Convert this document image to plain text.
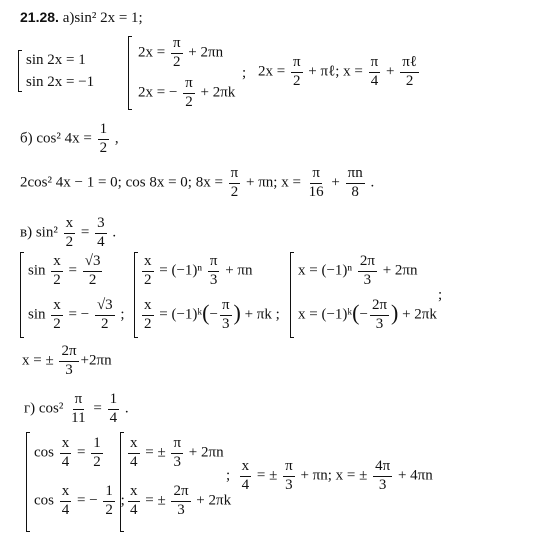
21.28. a)sin² 2x = 1;
sin 2x = 1
sin 2x = −1
$2x = \frac{\pi}{2} + 2\pi n$
2x = − $\frac{\pi}{2} + 2\pi k$
; $2x = \frac{\pi}{2}$ + πℓ; $x = \frac{\pi}{4} + \frac{\text{πℓ}}{2}$
б) cos² $4x = \frac{1}{2}$ ,
2cos² 4x − 1 = 0; cos 8x = 0; $8x = \frac{\pi}{2} + \pi n$; $x = \frac{\pi}{16} + \frac{\pi n}{8}$ .
в) $\sin^2 \frac{x}{2} = \frac{3}{4}$ .
$\sin \frac{x}{2} = \frac{√3}{2}$
$\sin \frac{x}{2}$ = − $\frac{√3}{2}$ ;
$\frac{x}{2} = (-1)^n \frac{\pi}{3} + \pi n$
$\frac{x}{2}$ = (−1)ᵏ(− $\frac{\pi}{3}$ ) + πk ;
$x = (-1)^n \frac{2\pi}{3} + 2\pi n$
x = (−1)ᵏ(− $\frac{2\pi}{3}$ ) + 2πk
;
x = ± $\frac{2\pi}{3} +2\pi n$
г) $\cos^2 \frac{\pi}{11} = \frac{1}{4}$ .
$\cos \frac{x}{4} = \frac{1}{2}$
$\cos \frac{x}{4}$ = − $\frac{1}{2}$ ;
$\frac{x}{4}$ = ± $\frac{\pi}{3} + 2\pi n$
$\frac{x}{4}$ = ± $\frac{2\pi}{3} + 2\pi k$
; $\frac{x}{4}$ = ± $\frac{\pi}{3} + \pi n$; x = ± $\frac{4\pi}{3} + 4\pi n$
